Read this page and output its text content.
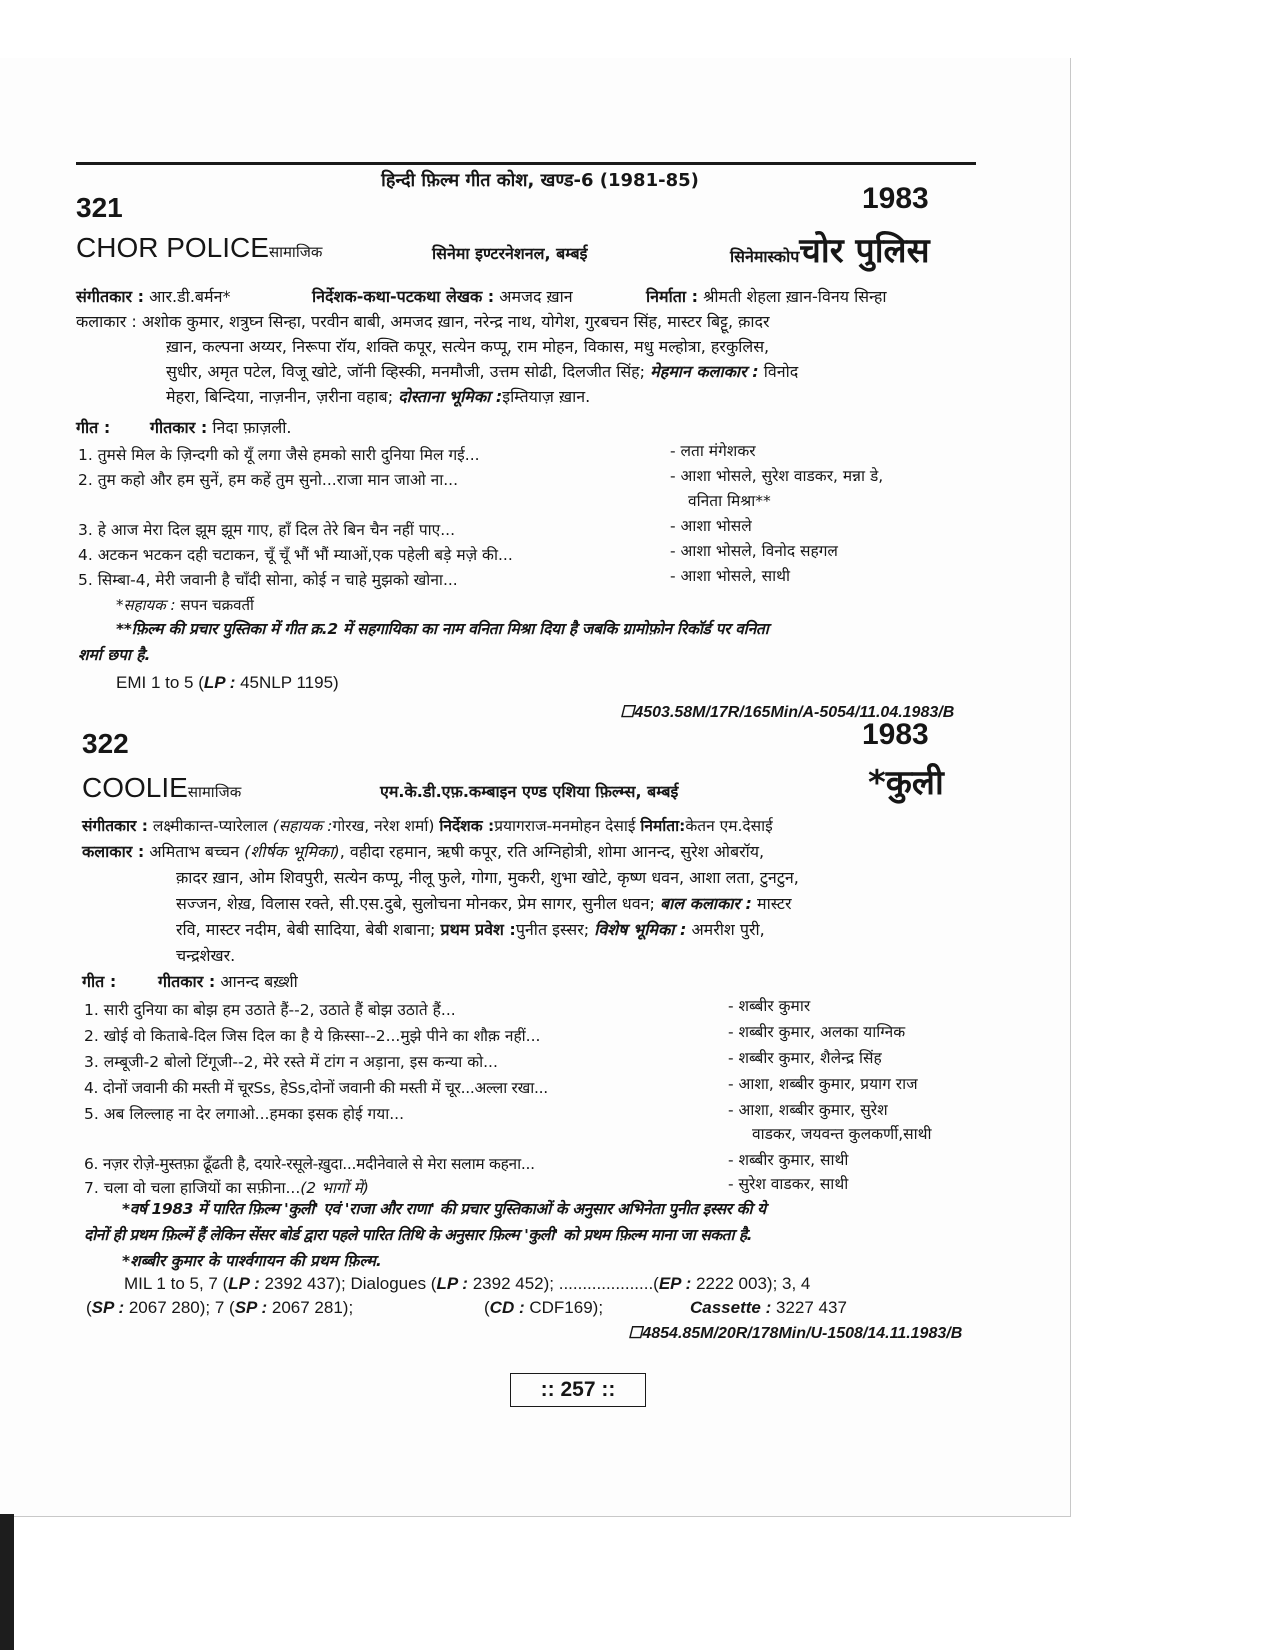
हिन्दी फ़िल्म गीत कोश, खण्ड-6 (1981-85)
321	1983
CHOR POLICEसामाजिक	सिनेमा इण्टरनेशनल, बम्बई	सिनेमास्कोपचोर पुलिस
संगीतकार : आर.डी.बर्मन*	निर्देशक-कथा-पटकथा लेखक : अमजद ख़ान	निर्माता : श्रीमती शेहला ख़ान-विनय सिन्हा
कलाकार : अशोक कुमार, शत्रुघ्न सिन्हा, परवीन बाबी, अमजद ख़ान, नरेन्द्र नाथ, योगेश, गुरबचन सिंह, मास्टर बिट्टू, क़ादर
ख़ान, कल्पना अय्यर, निरूपा रॉय, शक्ति कपूर, सत्येन कप्पू, राम मोहन, विकास, मधु मल्होत्रा, हरकुलिस,
सुधीर, अमृत पटेल, विजू खोटे, जॉनी व्हिस्की, मनमौजी, उत्तम सोढी, दिलजीत सिंह; मेहमान कलाकार : विनोद
मेहरा, बिन्दिया, नाज़नीन, ज़रीना वहाब; दोस्ताना भूमिका :इम्तियाज़ ख़ान.
गीत : गीतकार : निदा फ़ाज़ली.
1. तुमसे मिल के ज़िन्दगी को यूँ लगा जैसे हमको सारी दुनिया मिल गई...	- लता मंगेशकर
2. तुम कहो और हम सुनें, हम कहें तुम सुनो...राजा मान जाओ ना...	- आशा भोसले, सुरेश वाडकर, मन्ना डे,
वनिता मिश्रा**
3. हे आज मेरा दिल झूम झूम गाए, हाँ दिल तेरे बिन चैन नहीं पाए...	- आशा भोसले
4. अटकन भटकन दही चटाकन, चूँ चूँ भौं भौं म्याओं,एक पहेली बड़े मज़े की...	- आशा भोसले, विनोद सहगल
5. सिम्बा-4, मेरी जवानी है चाँदी सोना, कोई न चाहे मुझको खोना...	- आशा भोसले, साथी
*सहायक : सपन चक्रवर्ती
**फ़िल्म की प्रचार पुस्तिका में गीत क्र.2 में सहगायिका का नाम वनिता मिश्रा दिया है जबकि ग्रामोफ़ोन रिकॉर्ड पर वनिता
शर्मा छपा है.
EMI 1 to 5 (LP : 45NLP 1195)
☐4503.58M/17R/165Min/A-5054/11.04.1983/B
322	1983
COOLIEसामाजिक	एम.के.डी.एफ़.कम्बाइन एण्ड एशिया फ़िल्म्स, बम्बई	*कुली
संगीतकार : लक्ष्मीकान्त-प्यारेलाल (सहायक :गोरख, नरेश शर्मा) निर्देशक :प्रयागराज-मनमोहन देसाई निर्माता:केतन एम.देसाई
कलाकार : अमिताभ बच्चन (शीर्षक भूमिका), वहीदा रहमान, ऋषी कपूर, रति अग्निहोत्री, शोमा आनन्द, सुरेश ओबरॉय,
क़ादर ख़ान, ओम शिवपुरी, सत्येन कप्पू, नीलू फुले, गोगा, मुकरी, शुभा खोटे, कृष्ण धवन, आशा लता, टुनटुन,
सज्जन, शेख़, विलास रक्ते, सी.एस.दुबे, सुलोचना मोनकर, प्रेम सागर, सुनील धवन; बाल कलाकार : मास्टर
रवि, मास्टर नदीम, बेबी सादिया, बेबी शबाना; प्रथम प्रवेश :पुनीत इस्सर; विशेष भूमिका : अमरीश पुरी,
चन्द्रशेखर.
गीत :	गीतकार : आनन्द बख़्शी
1. सारी दुनिया का बोझ हम उठाते हैं--2, उठाते हैं बोझ उठाते हैं...	- शब्बीर कुमार
2. खोई वो किताबे-दिल जिस दिल का है ये क़िस्सा--2...मुझे पीने का शौक़ नहीं...	- शब्बीर कुमार, अलका याग्निक
3. लम्बूजी-2 बोलो टिंगूजी--2, मेरे रस्ते में टांग न अड़ाना, इस कन्या को...	- शब्बीर कुमार, शैलेन्द्र सिंह
4. दोनों जवानी की मस्ती में चूरSs, हेSs,दोनों जवानी की मस्ती में चूर...अल्ला रखा...	- आशा, शब्बीर कुमार, प्रयाग राज
5. अब लिल्लाह ना देर लगाओ...हमका इसक होई गया...	- आशा, शब्बीर कुमार, सुरेश
वाडकर, जयवन्त कुलकर्णी,साथी
6. नज़र रोज़े-मुस्तफ़ा ढूँढती है, दयारे-रसूले-ख़ुदा...मदीनेवाले से मेरा सलाम कहना...	- शब्बीर कुमार, साथी
7. चला वो चला हाजियों का सफ़ीना...(2 भागों में)	- सुरेश वाडकर, साथी
*वर्ष 1983 में पारित फ़िल्म 'कुली' एवं 'राजा और राणा' की प्रचार पुस्तिकाओं के अनुसार अभिनेता पुनीत इस्सर की ये
दोनों ही प्रथम फ़िल्में हैं लेकिन सेंसर बोर्ड द्वारा पहले पारित तिथि के अनुसार फ़िल्म 'कुली' को प्रथम फ़िल्म माना जा सकता है.
*शब्बीर कुमार के पार्श्वगायन की प्रथम फ़िल्म.
MIL 1 to 5, 7 (LP : 2392 437); Dialogues (LP : 2392 452); ....................(EP : 2222 003); 3, 4
(SP : 2067 280); 7 (SP : 2067 281);	(CD : CDF169);	Cassette : 3227 437
☐4854.85M/20R/178Min/U-1508/14.11.1983/B
:: 257 ::
